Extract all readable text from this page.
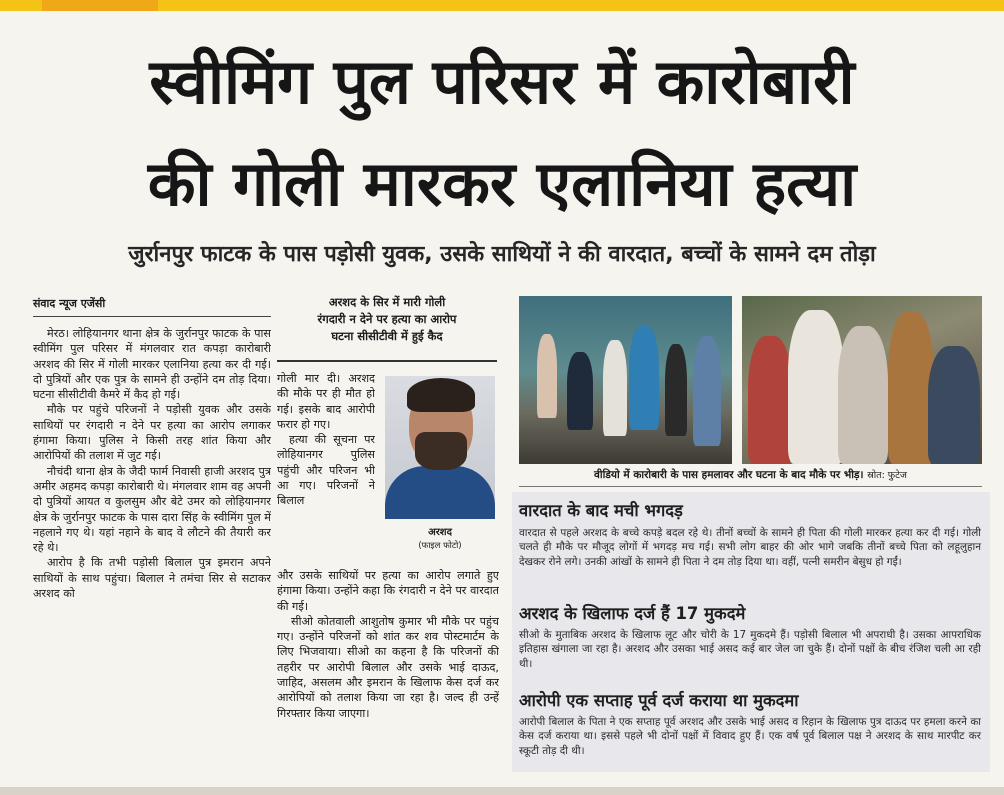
स्वीमिंग पुल परिसर में कारोबारी
की गोली मारकर एलानिया हत्या
जुर्रानपुर फाटक के पास पड़ोसी युवक, उसके साथियों ने की वारदात, बच्चों के सामने दम तोड़ा
संवाद न्यूज एजेंसी

मेरठ। लोहियानगर थाना क्षेत्र के जुर्रानपुर फाटक के पास स्वीमिंग पुल परिसर में मंगलवार रात कपड़ा कारोबारी अरशद की सिर में गोली मारकर एलानिया हत्या कर दी गई। दो पुत्रियों और एक पुत्र के सामने ही उन्होंने दम तोड़ दिया। घटना सीसीटीवी कैमरे में कैद हो गई।

मौके पर पहुंचे परिजनों ने पड़ोसी युवक और उसके साथियों पर रंगदारी न देने पर हत्या का आरोप लगाकर हंगामा किया। पुलिस ने किसी तरह शांत किया और आरोपियों की तलाश में जुट गई।

नौचंदी थाना क्षेत्र के जैदी फार्म निवासी हाजी अरशद पुत्र अमीर अहमद कपड़ा कारोबारी थे। मंगलवार शाम वह अपनी दो पुत्रियों आयत व कुलसुम और बेटे उमर को लोहियानगर क्षेत्र के जुर्रानपुर फाटक के पास दारा सिंह के स्वीमिंग पुल में नहलाने गए थे। यहां नहाने के बाद वे लौटने की तैयारी कर रहे थे।

आरोप है कि तभी पड़ोसी बिलाल पुत्र इमरान अपने साथियों के साथ पहुंचा। बिलाल ने तमंचा सिर से सटाकर अरशद को

अरशद के सिर में मारी गोली
रंगदारी न देने पर हत्या का आरोप
घटना सीसीटीवी में हुई कैद

गोली मार दी। अरशद की मौके पर ही मौत हो गई। इसके बाद आरोपी फरार हो गए।

हत्या की सूचना पर लोहियानगर पुलिस पहुंची और परिजन भी आ गए। परिजनों ने बिलाल

अरशद
(फाइल फोटो)

और उसके साथियों पर हत्या का आरोप लगाते हुए हंगामा किया। उन्होंने कहा कि रंगदारी न देने पर वारदात की गई।

सीओ कोतवाली आशुतोष कुमार भी मौके पर पहुंच गए। उन्होंने परिजनों को शांत कर शव पोस्टमार्टम के लिए भिजवाया। सीओ का कहना है कि परिजनों की तहरीर पर आरोपी बिलाल और उसके भाई दाऊद, जाहिद, असलम और इमरान के खिलाफ केस दर्ज कर आरोपियों को तलाश किया जा रहा है। जल्द ही उन्हें गिरफ्तार किया जाएगा।

वीडियो में कारोबारी के पास हमलावर और घटना के बाद मौके पर भीड़। स्रोत: फुटेज
वारदात के बाद मची भगदड़
वारदात से पहले अरशद के बच्चे कपड़े बदल रहे थे। तीनों बच्चों के सामने ही पिता की गोली मारकर हत्या कर दी गई। गोली चलते ही मौके पर मौजूद लोगों में भगदड़ मच गई। सभी लोग बाहर की ओर भागे जबकि तीनों बच्चे पिता को लहूलुहान देखकर रोने लगे। उनकी आंखों के सामने ही पिता ने दम तोड़ दिया था। वहीं, पत्नी समरीन बेसुध हो गईं।
अरशद के खिलाफ दर्ज हैं 17 मुकदमे
सीओ के मुताबिक अरशद के खिलाफ लूट और चोरी के 17 मुकदमे हैं। पड़ोसी बिलाल भी अपराधी है। उसका आपराधिक इतिहास खंगाला जा रहा है। अरशद और उसका भाई असद कई बार जेल जा चुके हैं। दोनों पक्षों के बीच रंजिश चली आ रही थी।
आरोपी एक सप्ताह पूर्व दर्ज कराया था मुकदमा
आरोपी बिलाल के पिता ने एक सप्ताह पूर्व अरशद और उसके भाई असद व रिहान के खिलाफ पुत्र दाऊद पर हमला करने का केस दर्ज कराया था। इससे पहले भी दोनों पक्षों में विवाद हुए हैं। एक वर्ष पूर्व बिलाल पक्ष ने अरशद के साथ मारपीट कर स्कूटी तोड़ दी थी।
